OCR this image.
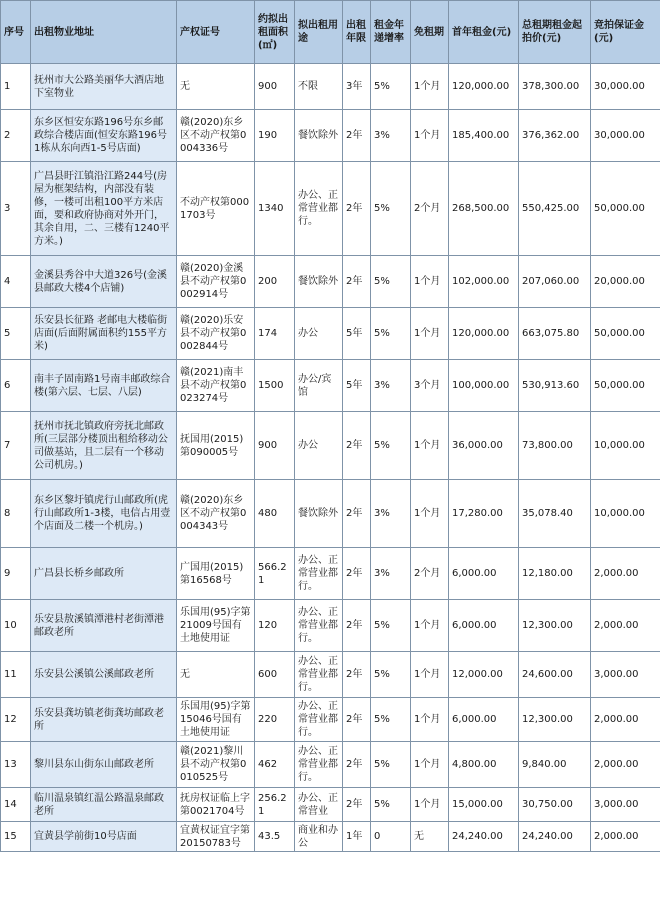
序号	出租物业地址	产权证号	约拟出租面积(㎡)	拟出租用途	出租年限	租金年递增率	免租期	首年租金(元)	总租期租金起拍价(元)	竞拍保证金(元)
1	抚州市大公路美丽华大酒店地下室物业	无	900	不限	3年	5%	1个月	120,000.00	378,300.00	30,000.00
2	东乡区恒安东路196号东乡邮政综合楼店面(恒安东路196号1栋从东向西1-5号店面)	赣(2020)东乡区不动产权第0004336号	190	餐饮除外	2年	3%	1个月	185,400.00	376,362.00	30,000.00
3	广昌县盱江镇沿江路244号(房屋为框架结构，内部没有装修，一楼可出租100平方米店面，要和政府协商对外开门，其余自用，二、三楼有1240平方米。)	不动产权第0001703号	1340	办公、正常营业都行。	2年	5%	2个月	268,500.00	550,425.00	50,000.00
4	金溪县秀谷中大道326号(金溪县邮政大楼4个店铺)	赣(2020)金溪县不动产权第0002914号	200	餐饮除外	2年	5%	1个月	102,000.00	207,060.00	20,000.00
5	乐安县长征路 老邮电大楼临街店面(后面附属面积约155平方米)	赣(2020)乐安县不动产权第0002844号	174	办公	5年	5%	1个月	120,000.00	663,075.80	50,000.00
6	南丰子固南路1号南丰邮政综合楼(第六层、七层、八层)	赣(2021)南丰县不动产权第0023274号	1500	办公/宾馆	5年	3%	3个月	100,000.00	530,913.60	50,000.00
7	抚州市抚北镇政府旁抚北邮政所(三层部分楼顶出租给移动公司做基站，且二层有一个移动公司机房。)	抚国用(2015)第090005号	900	办公	2年	5%	1个月	36,000.00	73,800.00	10,000.00
8	东乡区黎圩镇虎行山邮政所(虎行山邮政所1-3楼，电信占用壹个店面及二楼一个机房。)	赣(2020)东乡区不动产权第0004343号	480	餐饮除外	2年	3%	1个月	17,280.00	35,078.40	10,000.00
9	广昌县长桥乡邮政所	广国用(2015)第16568号	566.21	办公、正常营业都行。	2年	3%	2个月	6,000.00	12,180.00	2,000.00
10	乐安县敖溪镇潭港村老街潭港邮政老所	乐国用(95)字第21009号国有土地使用证	120	办公、正常营业都行。	2年	5%	1个月	6,000.00	12,300.00	2,000.00
11	乐安县公溪镇公溪邮政老所	无	600	办公、正常营业都行。	2年	5%	1个月	12,000.00	24,600.00	3,000.00
12	乐安县龚坊镇老街龚坊邮政老所	乐国用(95)字第15046号国有土地使用证	220	办公、正常营业都行。	2年	5%	1个月	6,000.00	12,300.00	2,000.00
13	黎川县东山街东山邮政老所	赣(2021)黎川县不动产权第0010525号	462	办公、正常营业都行。	2年	5%	1个月	4,800.00	9,840.00	2,000.00
14	临川温泉镇红温公路温泉邮政老所	抚房权证临上字第0021704号	256.21	办公、正常营业	2年	5%	1个月	15,000.00	30,750.00	3,000.00
15	宜黄县学前街10号店面	宜黄权证宜字第20150783号	43.5	商业和办公	1年	0	无	24,240.00	24,240.00	2,000.00
